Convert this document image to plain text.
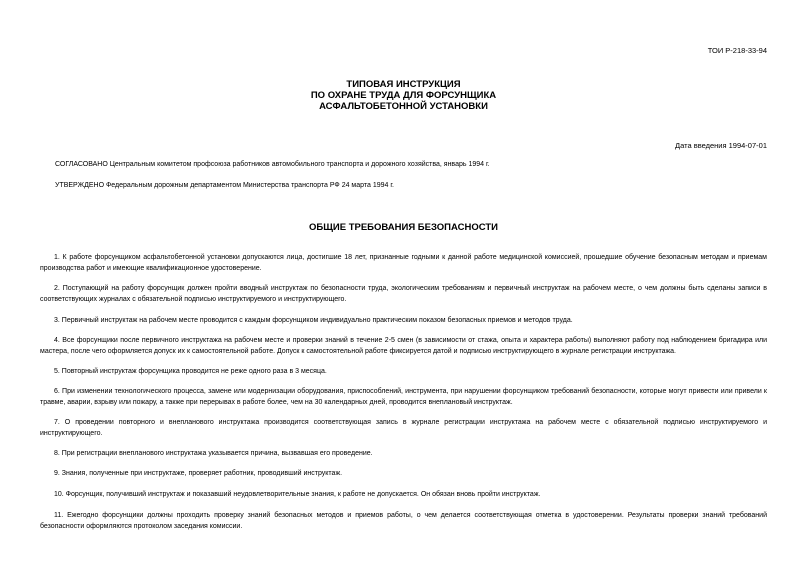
ТОИ Р-218-33-94
ТИПОВАЯ ИНСТРУКЦИЯ
ПО ОХРАНЕ ТРУДА ДЛЯ ФОРСУНЩИКА
АСФАЛЬТОБЕТОННОЙ УСТАНОВКИ
Дата введения 1994-07-01
СОГЛАСОВАНО Центральным комитетом профсоюза работников автомобильного транспорта и дорожного хозяйства, январь 1994 г.
УТВЕРЖДЕНО Федеральным дорожным департаментом Министерства транспорта РФ 24 марта 1994 г.
ОБЩИЕ ТРЕБОВАНИЯ БЕЗОПАСНОСТИ
1. К работе форсунщиком асфальтобетонной установки допускаются лица, достигшие 18 лет, признанные годными к данной работе медицинской комиссией, прошедшие обучение безопасным методам и приемам производства работ и имеющие квалификационное удостоверение.
2. Поступающий на работу форсунщик должен пройти вводный инструктаж по безопасности труда, экологическим требованиям и первичный инструктаж на рабочем месте, о чем должны быть сделаны записи в соответствующих журналах с обязательной подписью инструктируемого и инструктирующего.
3. Первичный инструктаж на рабочем месте проводится с каждым форсунщиком индивидуально практическим показом безопасных приемов и методов труда.
4. Все форсунщики после первичного инструктажа на рабочем месте и проверки знаний в течение 2-5 смен (в зависимости от стажа, опыта и характера работы) выполняют работу под наблюдением бригадира или мастера, после чего оформляется допуск их к самостоятельной работе. Допуск к самостоятельной работе фиксируется датой и подписью инструктирующего в журнале регистрации инструктажа.
5. Повторный инструктаж форсунщика проводится не реже одного раза в 3 месяца.
6. При изменении технологического процесса, замене или модернизации оборудования, приспособлений, инструмента, при нарушении форсунщиком требований безопасности, которые могут привести или привели к травме, аварии, взрыву или пожару, а также при перерывах в работе более, чем на 30 календарных дней, проводится внеплановый инструктаж.
7. О проведении повторного и внепланового инструктажа производится соответствующая запись в журнале регистрации инструктажа на рабочем месте с обязательной подписью инструктируемого и инструктирующего.
8. При регистрации внепланового инструктажа указывается причина, вызвавшая его проведение.
9. Знания, полученные при инструктаже, проверяет работник, проводивший инструктаж.
10. Форсунщик, получивший инструктаж и показавший неудовлетворительные знания, к работе не допускается. Он обязан вновь пройти инструктаж.
11. Ежегодно форсунщики должны проходить проверку знаний безопасных методов и приемов работы, о чем делается соответствующая отметка в удостоверении. Результаты проверки знаний требований безопасности оформляются протоколом заседания комиссии.
